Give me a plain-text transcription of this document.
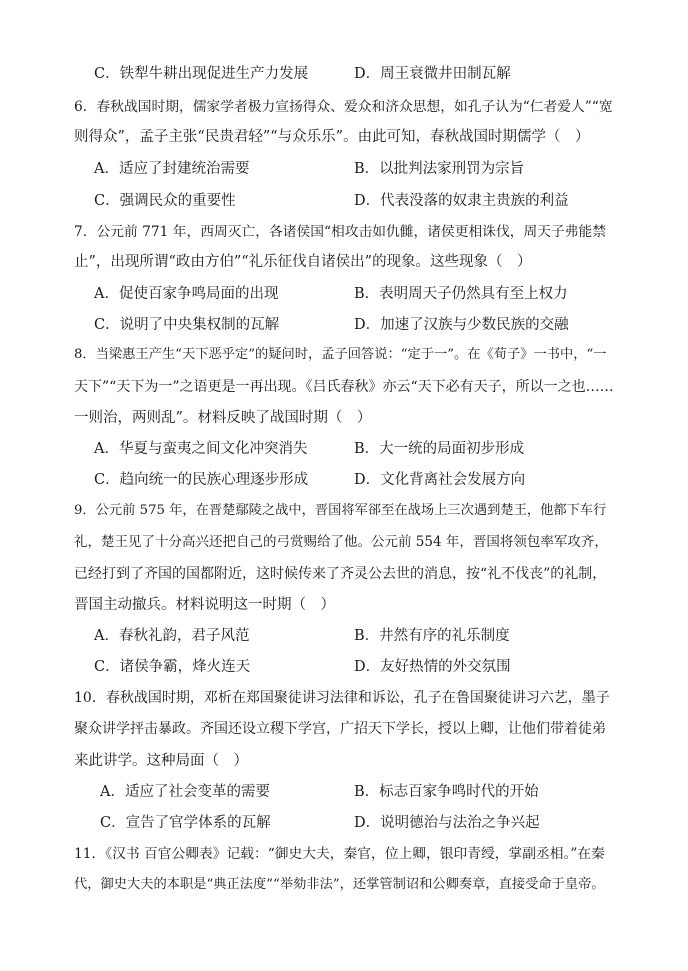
C．铁犁牛耕出现促进生产力发展	D．周王衰微井田制瓦解
6．春秋战国时期，儒家学者极力宣扬得众、爱众和济众思想，如孔子认为“仁者爱人”“宽
则得众”，孟子主张“民贵君轻”“与众乐乐”。由此可知，春秋战国时期儒学（　）
A．适应了封建统治需要	B．以批判法家刑罚为宗旨
C．强调民众的重要性	D．代表没落的奴隶主贵族的利益
7．公元前 771 年，西周灭亡，各诸侯国“相攻击如仇雠，诸侯更相诛伐，周天子弗能禁
止”，出现所谓“政由方伯”“礼乐征伐自诸侯出”的现象。这些现象（　）
A．促使百家争鸣局面的出现	B．表明周天子仍然具有至上权力
C．说明了中央集权制的瓦解	D．加速了汉族与少数民族的交融
8．当梁惠王产生“天下恶乎定”的疑问时，孟子回答说：“定于一”。在《荀子》一书中，“一
天下”“天下为一”之语更是一再出现。《吕氏春秋》亦云“天下必有天子，所以一之也……
一则治，两则乱”。材料反映了战国时期（　）
A．华夏与蛮夷之间文化冲突消失	B．大一统的局面初步形成
C．趋向统一的民族心理逐步形成	D．文化背离社会发展方向
9．公元前 575 年，在晋楚鄢陵之战中，晋国将军郤至在战场上三次遇到楚王，他都下车行
礼，楚王见了十分高兴还把自己的弓赏赐给了他。公元前 554 年，晋国将领包率军攻齐，
已经打到了齐国的国都附近，这时候传来了齐灵公去世的消息，按“礼不伐丧”的礼制，
晋国主动撤兵。材料说明这一时期（　）
A．春秋礼韵，君子风范	B．井然有序的礼乐制度
C．诸侯争霸，烽火连天	D．友好热情的外交氛围
10．春秋战国时期，邓析在郑国聚徒讲习法律和诉讼，孔子在鲁国聚徒讲习六艺，墨子
聚众讲学抨击暴政。齐国还设立稷下学宫，广招天下学长，授以上卿，让他们带着徒弟
来此讲学。这种局面（　）
A．适应了社会变革的需要	B．标志百家争鸣时代的开始
C．宣告了官学体系的瓦解	D．说明德治与法治之争兴起
11．《汉书 百官公卿表》记载：“御史大夫，秦官，位上卿，银印青绶，掌副丞相。”在秦
代，御史大夫的本职是“典正法度”“举劾非法”，还掌管制诏和公卿奏章，直接受命于皇帝。
